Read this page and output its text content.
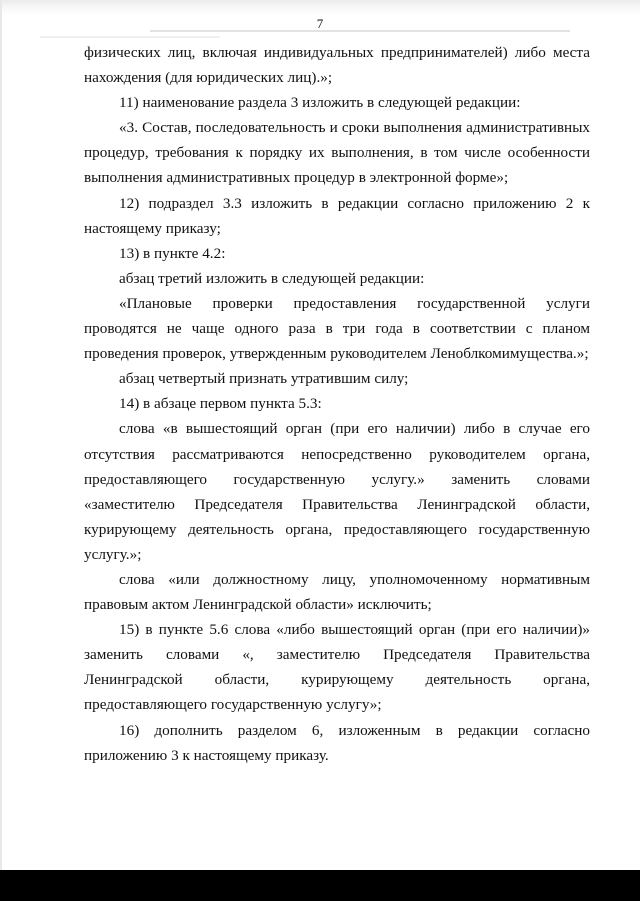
7

физических лиц, включая индивидуальных предпринимателей) либо места нахождения (для юридических лиц).»;

11) наименование раздела 3 изложить в следующей редакции:

«3. Состав, последовательность и сроки выполнения административных процедур, требования к порядку их выполнения, в том числе особенности выполнения административных процедур в электронной форме»;

12) подраздел 3.3 изложить в редакции согласно приложению 2 к настоящему приказу;

13) в пункте 4.2:

абзац третий изложить в следующей редакции:

«Плановые проверки предоставления государственной услуги проводятся не чаще одного раза в три года в соответствии с планом проведения проверок, утвержденным руководителем Леноблкомимущества.»;

абзац четвертый признать утратившим силу;

14) в абзаце первом пункта 5.3:

слова «в вышестоящий орган (при его наличии) либо в случае его отсутствия рассматриваются непосредственно руководителем органа, предоставляющего государственную услугу.» заменить словами «заместителю Председателя Правительства Ленинградской области, курирующему деятельность органа, предоставляющего государственную услугу.»;

слова «или должностному лицу, уполномоченному нормативным правовым актом Ленинградской области» исключить;

15) в пункте 5.6 слова «либо вышестоящий орган (при его наличии)» заменить словами «, заместителю Председателя Правительства Ленинградской области, курирующему деятельность органа, предоставляющего государственную услугу»;

16) дополнить разделом 6, изложенным в редакции согласно приложению 3 к настоящему приказу.
